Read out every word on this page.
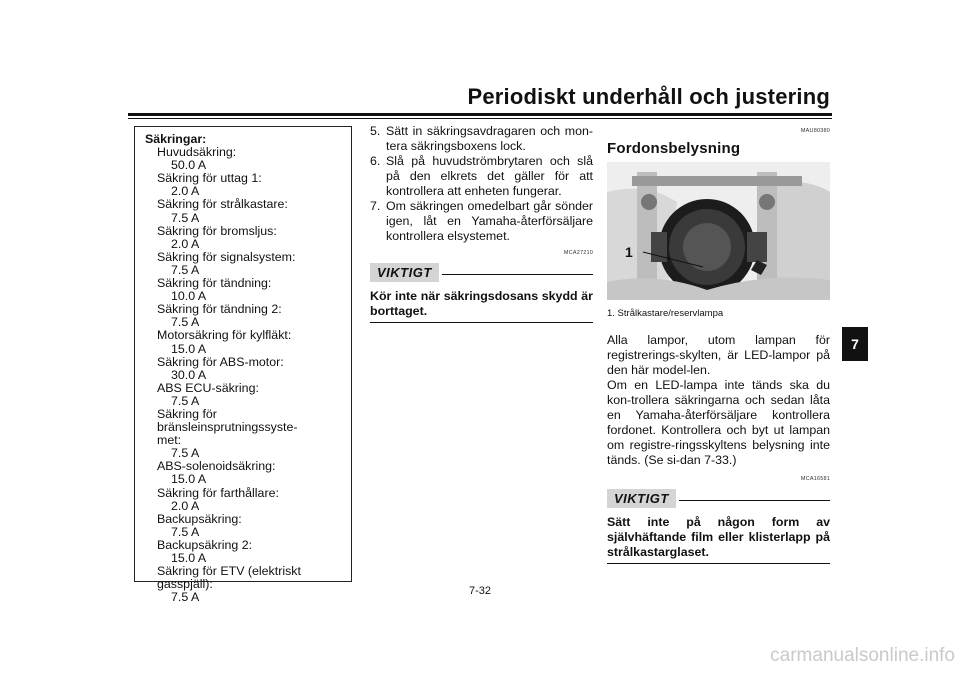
Periodiskt underhåll och justering
Säkringar:
Huvudsäkring:
50.0 A
Säkring för uttag 1:
2.0 A
Säkring för strålkastare:
7.5 A
Säkring för bromsljus:
2.0 A
Säkring för signalsystem:
7.5 A
Säkring för tändning:
10.0 A
Säkring för tändning 2:
7.5 A
Motorsäkring för kylfläkt:
15.0 A
Säkring för ABS-motor:
30.0 A
ABS ECU-säkring:
7.5 A
Säkring för bränsleinsprutningssyste-
met:
7.5 A
ABS-solenoidsäkring:
15.0 A
Säkring för farthållare:
2.0 A
Backupsäkring:
7.5 A
Backupsäkring 2:
15.0 A
Säkring för ETV (elektriskt gasspjäll):
7.5 A
5. Sätt in säkringsavdragaren och mon-tera säkringsboxens lock.
6. Slå på huvudströmbrytaren och slå på den elkrets det gäller för att kontrollera att enheten fungerar.
7. Om säkringen omedelbart går sönder igen, låt en Yamaha-återförsäljare kontrollera elsystemet.
MCA27210
VIKTIGT
Kör inte när säkringsdosans skydd är borttaget.
MAU80380
Fordonsbelysning
1
1. Strålkastare/reservlampa
Alla lampor, utom lampan för registrerings-skylten, är LED-lampor på den här model-len.
Om en LED-lampa inte tänds ska du kon-trollera säkringarna och sedan låta en Yamaha-återförsäljare kontrollera fordonet. Kontrollera och byt ut lampan om registre-ringsskyltens belysning inte tänds. (Se si-dan 7-33.)
MCA16581
VIKTIGT
Sätt inte på någon form av självhäftande film eller klisterlapp på strålkastarglaset.
7
7-32
carmanualsonline.info
